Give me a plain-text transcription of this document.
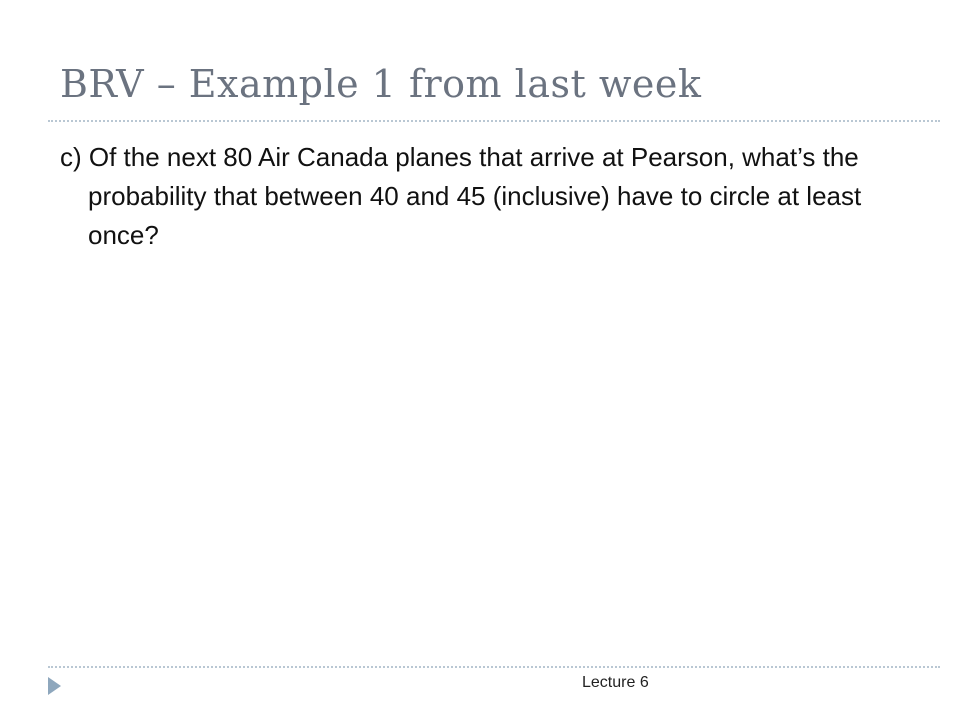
BRV – Example 1 from last week

c) Of the next 80 Air Canada planes that arrive at Pearson, what’s the probability that between 40 and 45 (inclusive) have to circle at least once?

Lecture 6
